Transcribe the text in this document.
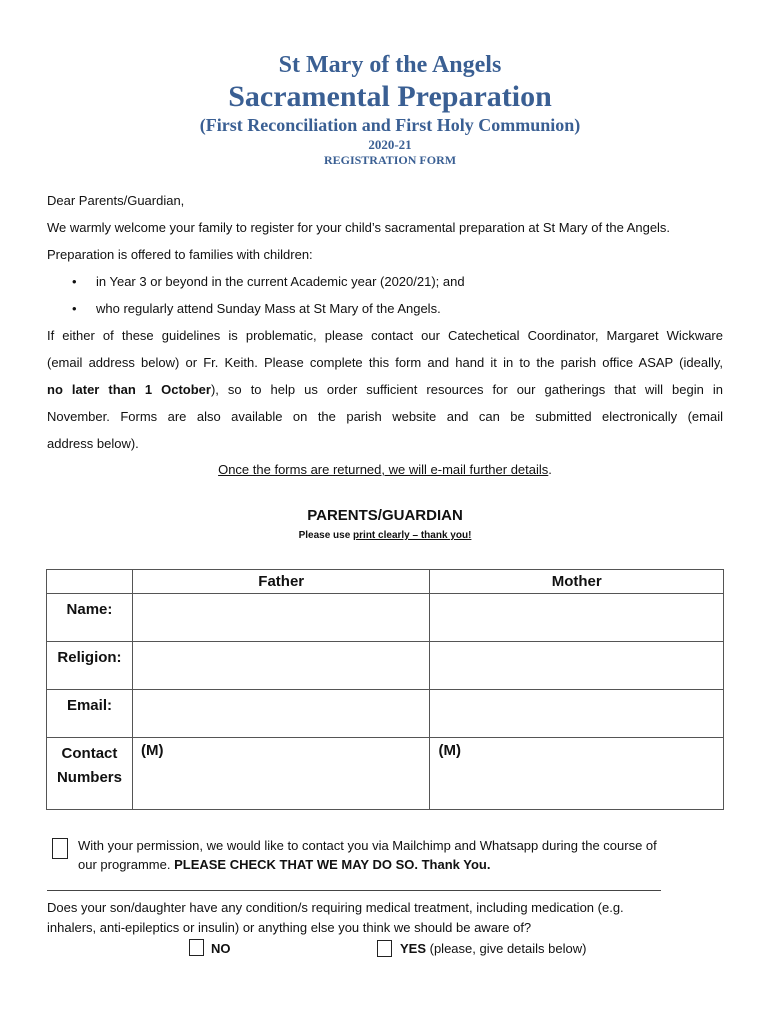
St Mary of the Angels
Sacramental Preparation
(First Reconciliation and First Holy Communion)
2020-21
REGISTRATION FORM
Dear Parents/Guardian,
We warmly welcome your family to register for your child’s sacramental preparation at St Mary of the Angels.
Preparation is offered to families with children:
• in Year 3 or beyond in the current Academic year (2020/21); and
• who regularly attend Sunday Mass at St Mary of the Angels.
If either of these guidelines is problematic, please contact our Catechetical Coordinator, Margaret Wickware
(email address below) or Fr. Keith. Please complete this form and hand it in to the parish office ASAP (ideally,
no later than 1 October), so to help us order sufficient resources for our gatherings that will begin in
November. Forms are also available on the parish website and can be submitted electronically (email
address below).
Once the forms are returned, we will e-mail further details.
PARENTS/GUARDIAN
Please use print clearly – thank you!
	Father	Mother
Name:		
Religion:		
Email:		

Contact
Numbers	(M)	(M)
With your permission, we would like to contact you via Mailchimp and Whatsapp during the course of
our programme. PLEASE CHECK THAT WE MAY DO SO. Thank You.
Does your son/daughter have any condition/s requiring medical treatment, including medication (e.g.
inhalers, anti-epileptics or insulin) or anything else you think we should be aware of?
NO	YES (please, give details below)
